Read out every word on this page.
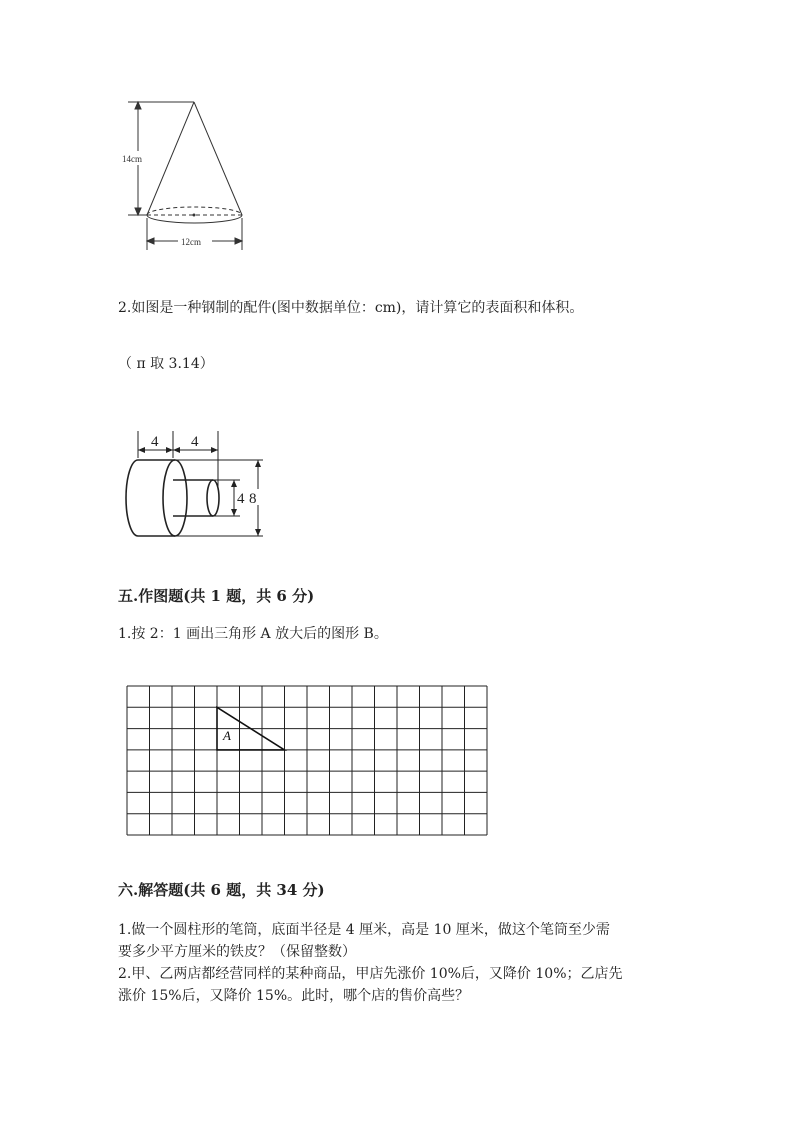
14cm
12cm
2.如图是一种钢制的配件(图中数据单位：cm)，请计算它的表面积和体积。
（ π 取 3.14）
4 4
4 8
五.作图题(共 1 题，共 6 分)
1.按 2：1 画出三角形 A 放大后的图形 B。
A
六.解答题(共 6 题，共 34 分)
1.做一个圆柱形的笔筒，底面半径是 4 厘米，高是 10 厘米，做这个笔筒至少需
要多少平方厘米的铁皮？（保留整数）
2.甲、乙两店都经营同样的某种商品，甲店先涨价 10%后，又降价 10%；乙店先
涨价 15%后，又降价 15%。此时，哪个店的售价高些？
